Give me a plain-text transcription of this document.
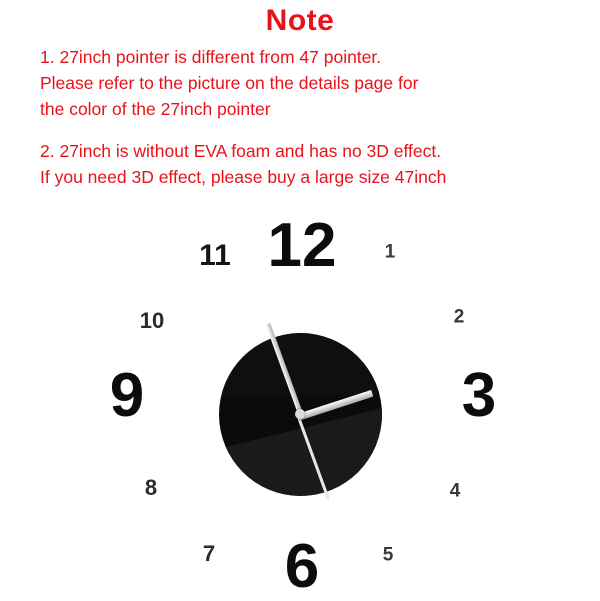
Note

1. 27inch pointer is different from 47 pointer.
Please refer to the picture on the details page for
the color of the 27inch pointer

2. 27inch is without EVA foam and has no 3D effect.
If you need 3D effect, please buy a large size 47inch

12
11	1
10	2
9	3
8	4
7 6	5
